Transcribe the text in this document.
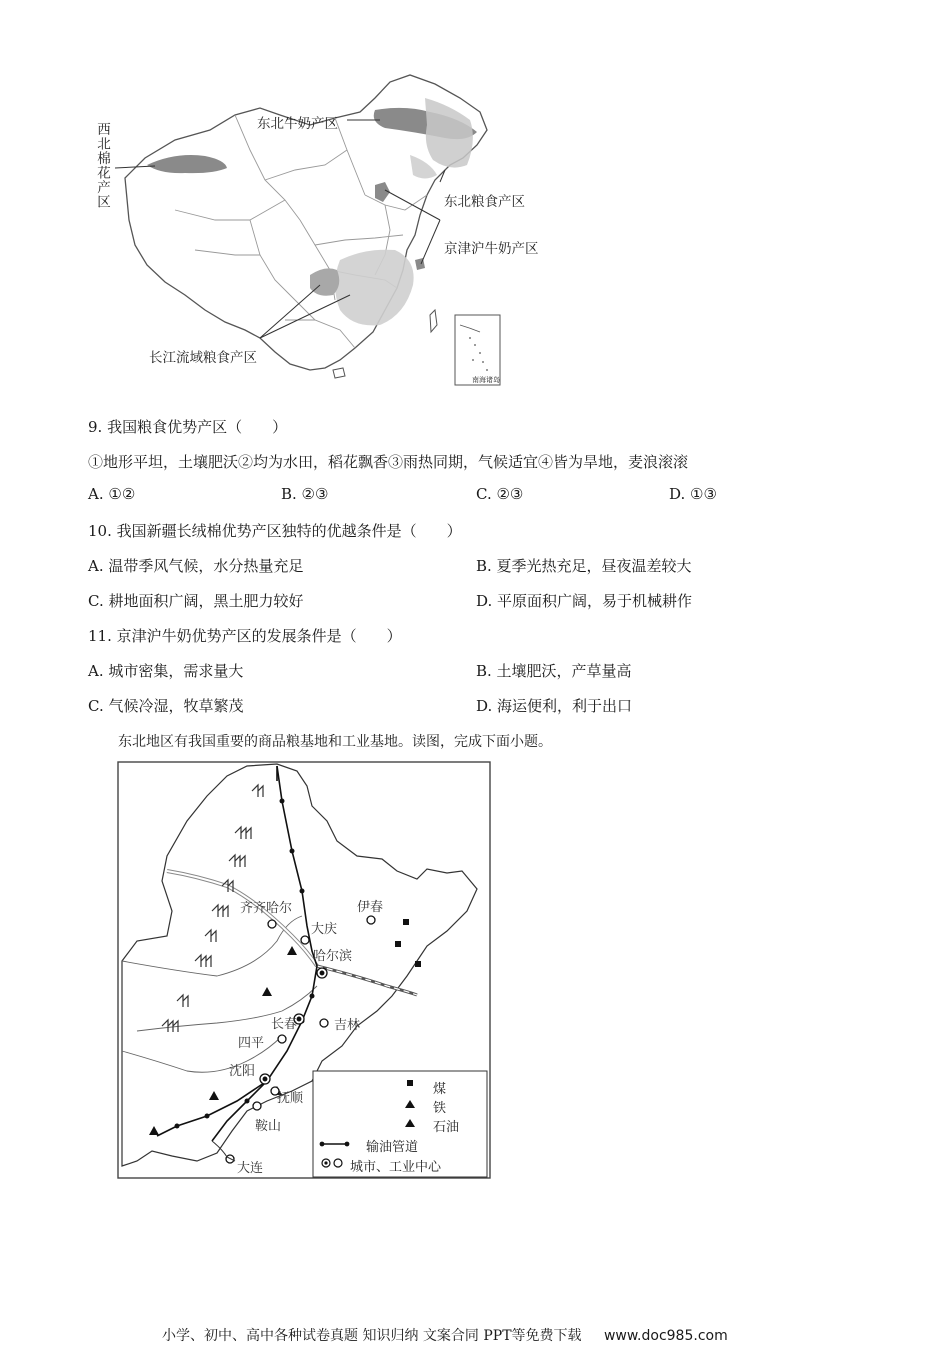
西北棉花产区	东北牛奶产区
东北粮食产区
京津沪牛奶产区
长江流域粮食产区
南海诸岛
9. 我国粮食优势产区（　　）
①地形平坦，土壤肥沃②均为水田，稻花飘香③雨热同期，气候适宜④皆为旱地，麦浪滚滚
A. ①②	B. ②③	C. ②③	D. ①③
10. 我国新疆长绒棉优势产区独特的优越条件是（　　）
A. 温带季风气候，水分热量充足	B. 夏季光热充足，昼夜温差较大
C. 耕地面积广阔，黑土肥力较好	D. 平原面积广阔，易于机械耕作
11. 京津沪牛奶优势产区的发展条件是（　　）
A. 城市密集，需求量大	B. 土壤肥沃，产草量高
C. 气候冷湿，牧草繁茂	D. 海运便利，利于出口
东北地区有我国重要的商品粮基地和工业基地。读图，完成下面小题。
齐齐哈尔
大庆
伊春
哈尔滨
长春	吉林
四平
沈阳
抚顺
鞍山
大连
煤
铁
石油
输油管道
城市、工业中心
小学、初中、高中各种试卷真题 知识归纳 文案合同 PPT等免费下载 www.doc985.com
